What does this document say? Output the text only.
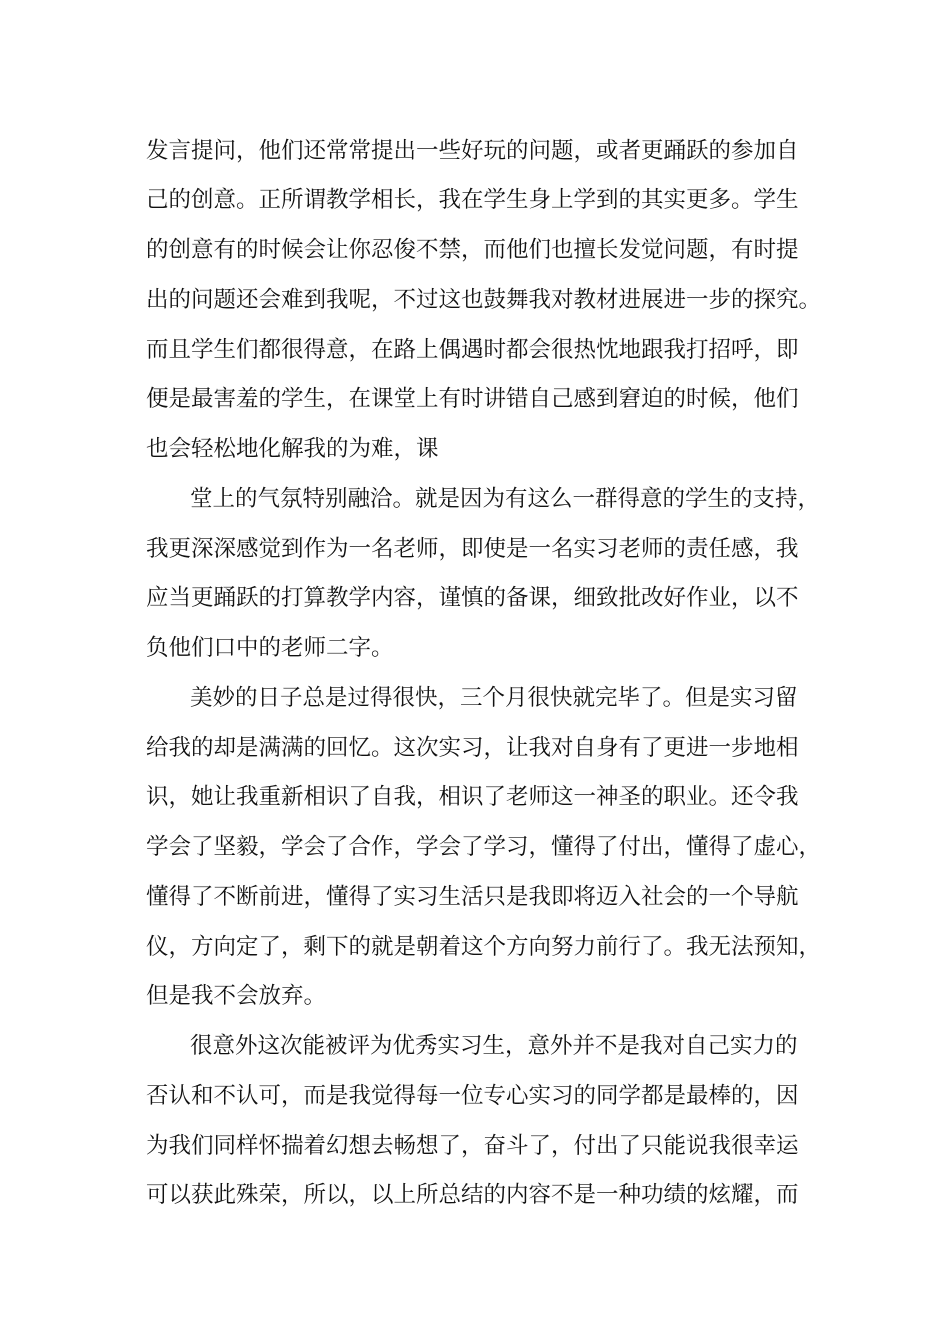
发言提问，他们还常常提出一些好玩的问题，或者更踊跃的参加自
己的创意。正所谓教学相长，我在学生身上学到的其实更多。学生
的创意有的时候会让你忍俊不禁，而他们也擅长发觉问题，有时提
出的问题还会难到我呢，不过这也鼓舞我对教材进展进一步的探究。
而且学生们都很得意，在路上偶遇时都会很热忱地跟我打招呼，即
便是最害羞的学生，在课堂上有时讲错自己感到窘迫的时候，他们
也会轻松地化解我的为难，课
堂上的气氛特别融洽。就是因为有这么一群得意的学生的支持，
我更深深感觉到作为一名老师，即使是一名实习老师的责任感，我
应当更踊跃的打算教学内容，谨慎的备课，细致批改好作业，以不
负他们口中的老师二字。
美妙的日子总是过得很快，三个月很快就完毕了。但是实习留
给我的却是满满的回忆。这次实习，让我对自身有了更进一步地相
识，她让我重新相识了自我，相识了老师这一神圣的职业。还令我
学会了坚毅，学会了合作，学会了学习，懂得了付出，懂得了虚心，
懂得了不断前进，懂得了实习生活只是我即将迈入社会的一个导航
仪，方向定了，剩下的就是朝着这个方向努力前行了。我无法预知，
但是我不会放弃。
很意外这次能被评为优秀实习生，意外并不是我对自己实力的
否认和不认可，而是我觉得每一位专心实习的同学都是最棒的，因
为我们同样怀揣着幻想去畅想了，奋斗了，付出了只能说我很幸运
可以获此殊荣，所以，以上所总结的内容不是一种功绩的炫耀，而
